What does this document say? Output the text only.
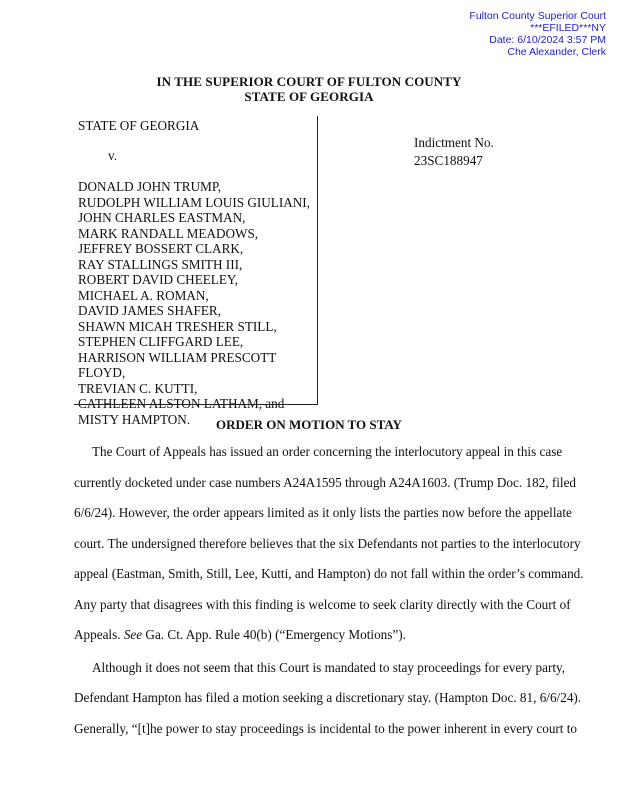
Fulton County Superior Court
***EFILED***NY
Date: 6/10/2024 3:57 PM
Che Alexander, Clerk
IN THE SUPERIOR COURT OF FULTON COUNTY
STATE OF GEORGIA
STATE OF GEORGIA
v.
DONALD JOHN TRUMP,
RUDOLPH WILLIAM LOUIS GIULIANI,
JOHN CHARLES EASTMAN,
MARK RANDALL MEADOWS,
JEFFREY BOSSERT CLARK,
RAY STALLINGS SMITH III,
ROBERT DAVID CHEELEY,
MICHAEL A. ROMAN,
DAVID JAMES SHAFER,
SHAWN MICAH TRESHER STILL,
STEPHEN CLIFFGARD LEE,
HARRISON WILLIAM PRESCOTT FLOYD,
TREVIAN C. KUTTI,
CATHLEEN ALSTON LATHAM, and
MISTY HAMPTON.
Indictment No.
23SC188947
ORDER ON MOTION TO STAY
The Court of Appeals has issued an order concerning the interlocutory appeal in this case
currently docketed under case numbers A24A1595 through A24A1603. (Trump Doc. 182, filed
6/6/24). However, the order appears limited as it only lists the parties now before the appellate
court. The undersigned therefore believes that the six Defendants not parties to the interlocutory
appeal (Eastman, Smith, Still, Lee, Kutti, and Hampton) do not fall within the order’s command.
Any party that disagrees with this finding is welcome to seek clarity directly with the Court of
Appeals. See Ga. Ct. App. Rule 40(b) (“Emergency Motions”).
Although it does not seem that this Court is mandated to stay proceedings for every party,
Defendant Hampton has filed a motion seeking a discretionary stay. (Hampton Doc. 81, 6/6/24).
Generally, “[t]he power to stay proceedings is incidental to the power inherent in every court to
